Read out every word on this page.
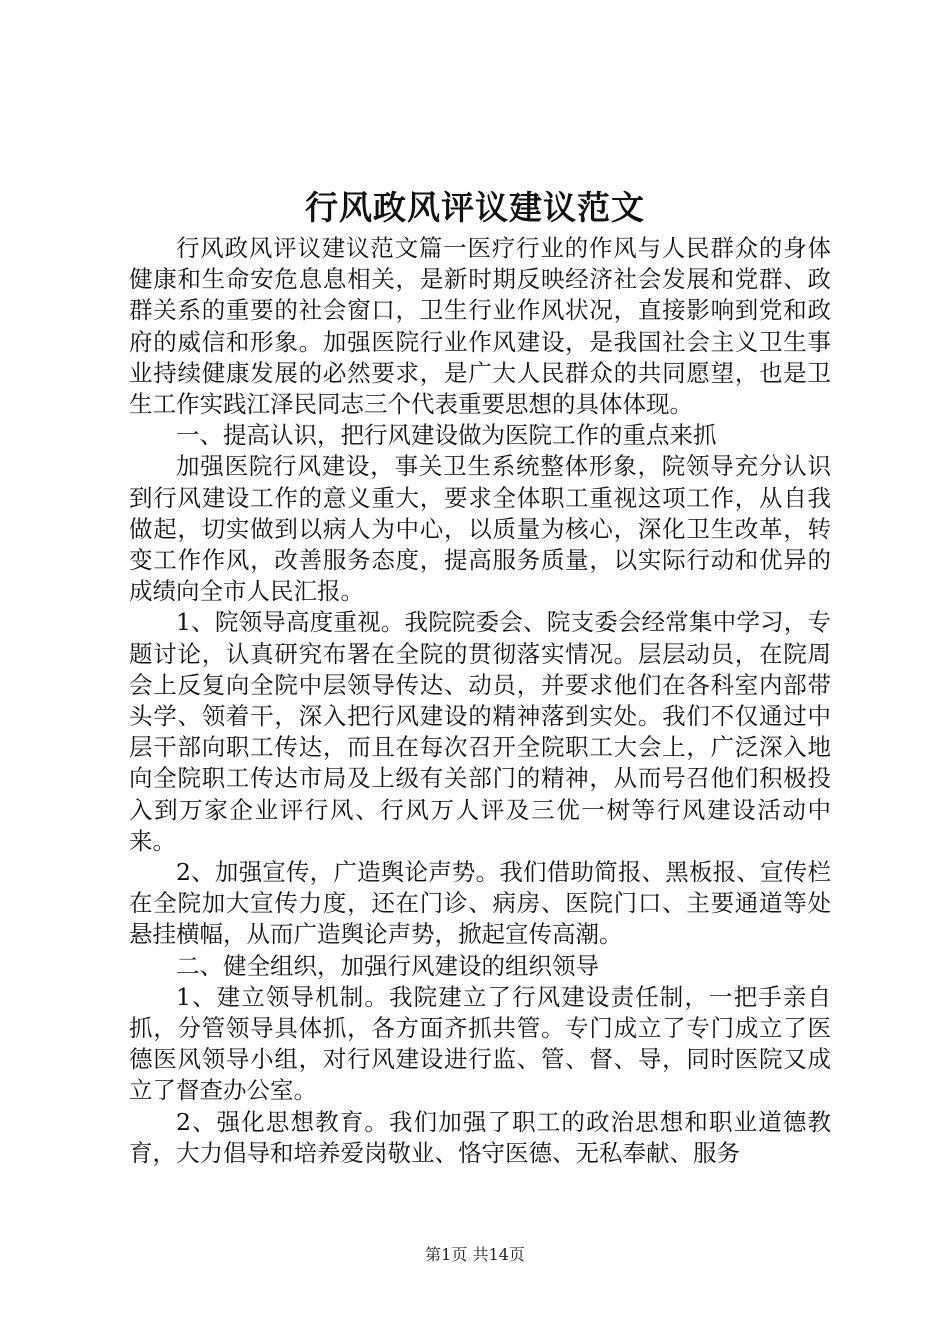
行风政风评议建议范文

行风政风评议建议范文篇一医疗行业的作风与人民群众的身体健康和生命安危息息相关，是新时期反映经济社会发展和党群、政群关系的重要的社会窗口，卫生行业作风状况，直接影响到党和政府的威信和形象。加强医院行业作风建设，是我国社会主义卫生事业持续健康发展的必然要求，是广大人民群众的共同愿望，也是卫生工作实践江泽民同志三个代表重要思想的具体体现。

一、提高认识，把行风建设做为医院工作的重点来抓

加强医院行风建设，事关卫生系统整体形象，院领导充分认识到行风建设工作的意义重大，要求全体职工重视这项工作，从自我做起，切实做到以病人为中心，以质量为核心，深化卫生改革，转变工作作风，改善服务态度，提高服务质量，以实际行动和优异的成绩向全市人民汇报。

1、院领导高度重视。我院院委会、院支委会经常集中学习，专题讨论，认真研究布署在全院的贯彻落实情况。层层动员，在院周会上反复向全院中层领导传达、动员，并要求他们在各科室内部带头学、领着干，深入把行风建设的精神落到实处。我们不仅通过中层干部向职工传达，而且在每次召开全院职工大会上，广泛深入地向全院职工传达市局及上级有关部门的精神，从而号召他们积极投入到万家企业评行风、行风万人评及三优一树等行风建设活动中来。

2、加强宣传，广造舆论声势。我们借助简报、黑板报、宣传栏在全院加大宣传力度，还在门诊、病房、医院门口、主要通道等处悬挂横幅，从而广造舆论声势，掀起宣传高潮。

二、健全组织，加强行风建设的组织领导

1、建立领导机制。我院建立了行风建设责任制，一把手亲自抓，分管领导具体抓，各方面齐抓共管。专门成立了专门成立了医德医风领导小组，对行风建设进行监、管、督、导，同时医院又成立了督查办公室。

2、强化思想教育。我们加强了职工的政治思想和职业道德教育，大力倡导和培养爱岗敬业、恪守医德、无私奉献、服务

第1页 共14页
